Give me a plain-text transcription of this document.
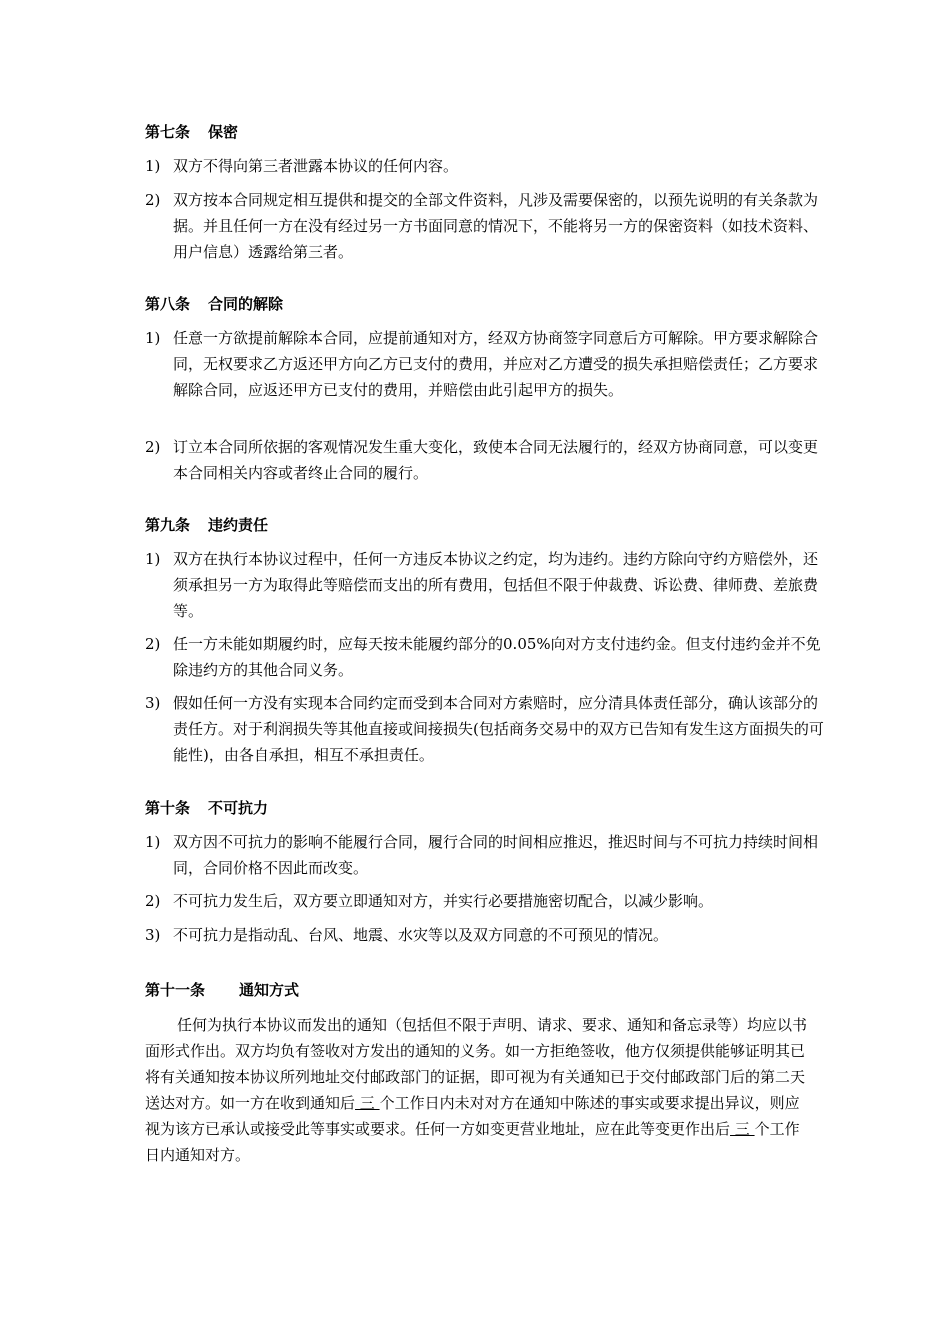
第七条 保密
1) 双方不得向第三者泄露本协议的任何内容。
2) 双方按本合同规定相互提供和提交的全部文件资料，凡涉及需要保密的，以预先说明的有关条款为据。并且任何一方在没有经过另一方书面同意的情况下，不能将另一方的保密资料（如技术资料、用户信息）透露给第三者。
第八条 合同的解除
1) 任意一方欲提前解除本合同，应提前通知对方，经双方协商签字同意后方可解除。甲方要求解除合同，无权要求乙方返还甲方向乙方已支付的费用，并应对乙方遭受的损失承担赔偿责任；乙方要求解除合同，应返还甲方已支付的费用，并赔偿由此引起甲方的损失。
2) 订立本合同所依据的客观情况发生重大变化，致使本合同无法履行的，经双方协商同意，可以变更本合同相关内容或者终止合同的履行。
第九条 违约责任
1) 双方在执行本协议过程中，任何一方违反本协议之约定，均为违约。违约方除向守约方赔偿外，还须承担另一方为取得此等赔偿而支出的所有费用，包括但不限于仲裁费、诉讼费、律师费、差旅费等。
2) 任一方未能如期履约时，应每天按未能履约部分的0.05%向对方支付违约金。但支付违约金并不免除违约方的其他合同义务。
3) 假如任何一方没有实现本合同约定而受到本合同对方索赔时，应分清具体责任部分，确认该部分的责任方。对于利润损失等其他直接或间接损失(包括商务交易中的双方已告知有发生这方面损失的可能性)，由各自承担，相互不承担责任。
第十条 不可抗力
1) 双方因不可抗力的影响不能履行合同，履行合同的时间相应推迟，推迟时间与不可抗力持续时间相同，合同价格不因此而改变。
2) 不可抗力发生后，双方要立即通知对方，并实行必要措施密切配合，以减少影响。
3) 不可抗力是指动乱、台风、地震、水灾等以及双方同意的不可预见的情况。
第十一条 通知方式
任何为执行本协议而发出的通知（包括但不限于声明、请求、要求、通知和备忘录等）均应以书面形式作出。双方均负有签收对方发出的通知的义务。如一方拒绝签收，他方仅须提供能够证明其已将有关通知按本协议所列地址交付邮政部门的证据，即可视为有关通知已于交付邮政部门后的第二天送达对方。如一方在收到通知后 三 个工作日内未对对方在通知中陈述的事实或要求提出异议，则应视为该方已承认或接受此等事实或要求。任何一方如变更营业地址，应在此等变更作出后 三 个工作日内通知对方。
